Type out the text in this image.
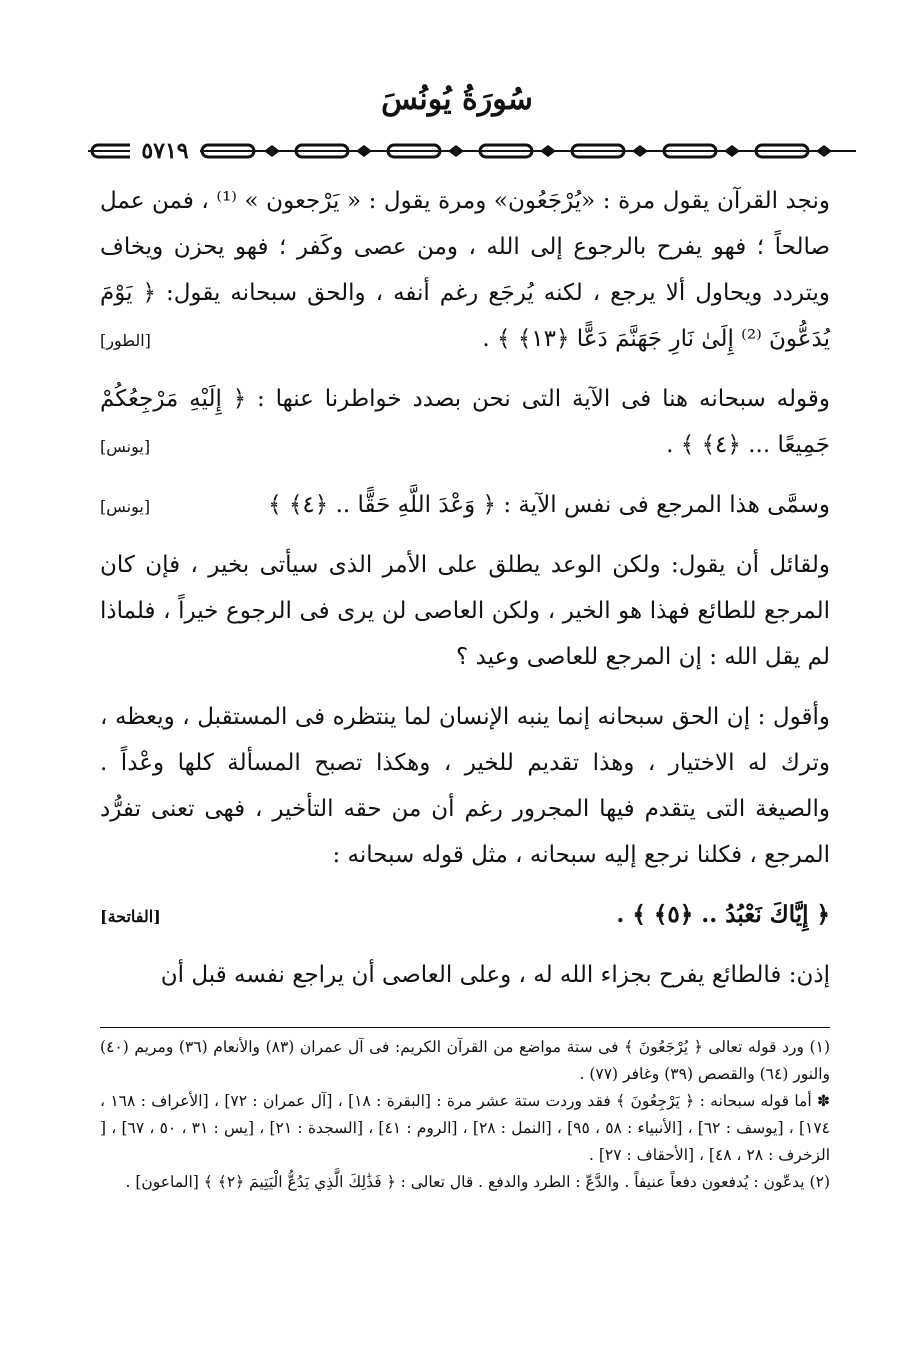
سُورَةُ يُونُسَ
٥٧١٩

ونجد القرآن يقول مرة : «يُرْجَعُون» ومرة يقول : « يَرْجعون » ⁽¹⁾ ، فمن عمل صالحاً ؛ فهو يفرح بالرجوع إلى الله ، ومن عصى وكَفر ؛ فهو يحزن ويخاف ويتردد ويحاول ألا يرجع ، لكنه يُرجَع رغم أنفه ، والحق سبحانه يقول: ﴿ يَوْمَ يُدَعُّونَ ⁽²⁾ إِلَىٰ نَارِ جَهَنَّمَ دَعًّا ﴿١٣﴾ ﴾ .
[الطور]

وقوله سبحانه هنا فى الآية التى نحن بصدد خواطرنا عنها : ﴿ إِلَيْهِ مَرْجِعُكُمْ جَمِيعًا ... ﴿٤﴾ ﴾ .
[يونس]

وسمَّى هذا المرجع فى نفس الآية : ﴿ وَعْدَ اللَّهِ حَقًّا .. ﴿٤﴾ ﴾
[يونس]

ولقائل أن يقول: ولكن الوعد يطلق على الأمر الذى سيأتى بخير ، فإن كان المرجع للطائع فهذا هو الخير ، ولكن العاصى لن يرى فى الرجوع خيراً ، فلماذا لم يقل الله : إن المرجع للعاصى وعيد ؟

وأقول : إن الحق سبحانه إنما ينبه الإنسان لما ينتظره فى المستقبل ، ويعظه ، وترك له الاختيار ، وهذا تقديم للخير ، وهكذا تصبح المسألة كلها وعْداً . والصيغة التى يتقدم فيها المجرور رغم أن من حقه التأخير ، فهى تعنى تفرُّد المرجع ، فكلنا نرجع إليه سبحانه ، مثل قوله سبحانه :

﴿ إِيَّاكَ نَعْبُدُ .. ﴿٥﴾ ﴾ .
[الفاتحة]

إذن: فالطائع يفرح بجزاء الله له ، وعلى العاصى أن يراجع نفسه قبل أن

(١) ورد قوله تعالى ﴿ يُرْجَعُونَ ﴾ فى ستة مواضع من القرآن الكريم: فى آل عمران (٨٣) والأنعام (٣٦) ومريم (٤٠) والنور (٦٤) والقصص (٣٩) وغافر (٧٧) .

✽ أما قوله سبحانه : ﴿ يَرْجِعُونَ ﴾ فقد وردت ستة عشر مرة : [البقرة : ١٨] ، [آل عمران : ٧٢] ، [الأعراف : ١٦٨ ، ١٧٤] ، [يوسف : ٦٢] ، [الأنبياء : ٥٨ ، ٩٥] ، [النمل : ٢٨] ، [الروم : ٤١] ، [السجدة : ٢١] ، [يس : ٣١ ، ٥٠ ، ٦٧] ، [ الزخرف : ٢٨ ، ٤٨] ، [الأحقاف : ٢٧] .

(٢) يدعّون : يُدفعون دفعاً عنيفاً . والدَّعّ : الطرد والدفع . قال تعالى : ﴿ فَذَٰلِكَ الَّذِي يَدُعُّ الْيَتِيمَ ﴿٢﴾ ﴾ [الماعون] .
